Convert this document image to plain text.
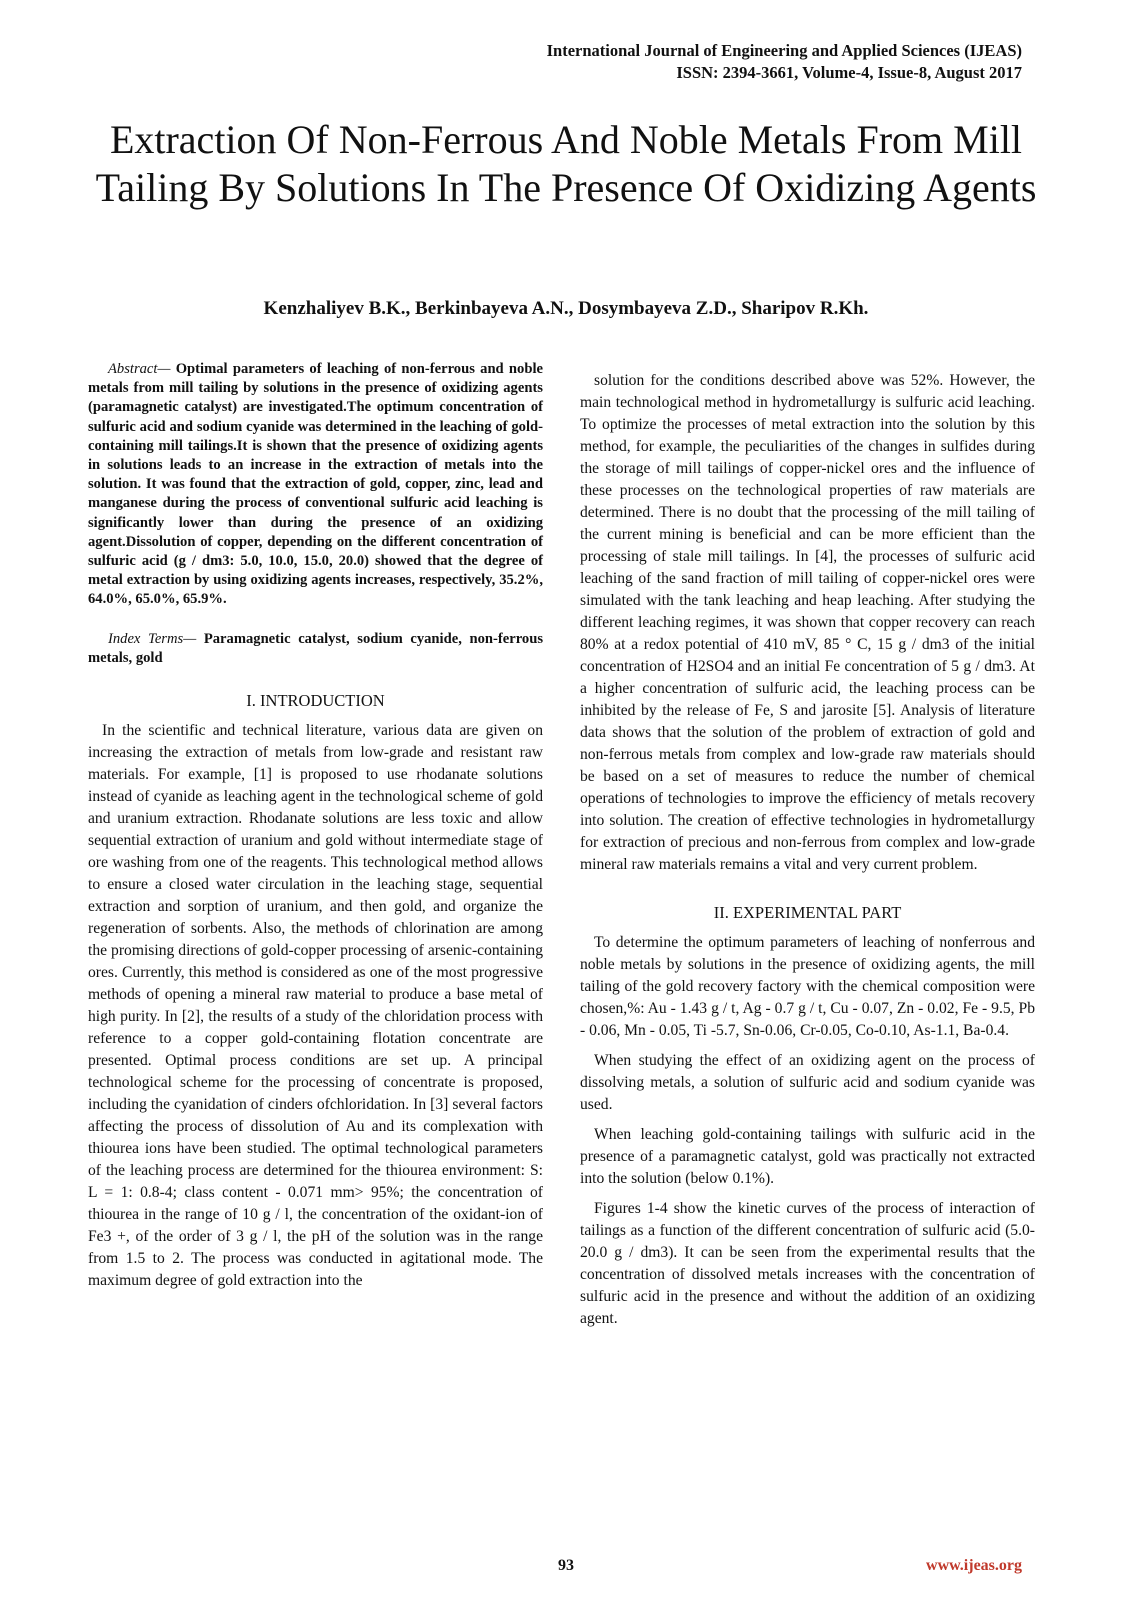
International Journal of Engineering and Applied Sciences (IJEAS)
ISSN: 2394-3661, Volume-4, Issue-8, August 2017
Extraction Of Non-Ferrous And Noble Metals From Mill Tailing By Solutions In The Presence Of Oxidizing Agents
Kenzhaliyev B.K., Berkinbayeva A.N., Dosymbayeva Z.D., Sharipov R.Kh.

Abstract— Optimal parameters of leaching of non-ferrous and noble metals from mill tailing by solutions in the presence of oxidizing agents (paramagnetic catalyst) are investigated.The optimum concentration of sulfuric acid and sodium cyanide was determined in the leaching of gold-containing mill tailings.It is shown that the presence of oxidizing agents in solutions leads to an increase in the extraction of metals into the solution. It was found that the extraction of gold, copper, zinc, lead and manganese during the process of conventional sulfuric acid leaching is significantly lower than during the presence of an oxidizing agent.Dissolution of copper, depending on the different concentration of sulfuric acid (g / dm3: 5.0, 10.0, 15.0, 20.0) showed that the degree of metal extraction by using oxidizing agents increases, respectively, 35.2%, 64.0%, 65.0%, 65.9%.

Index Terms— Paramagnetic catalyst, sodium cyanide, non-ferrous metals, gold

I. INTRODUCTION

In the scientific and technical literature, various data are given on increasing the extraction of metals from low-grade and resistant raw materials. For example, [1] is proposed to use rhodanate solutions instead of cyanide as leaching agent in the technological scheme of gold and uranium extraction. Rhodanate solutions are less toxic and allow sequential extraction of uranium and gold without intermediate stage of ore washing from one of the reagents. This technological method allows to ensure a closed water circulation in the leaching stage, sequential extraction and sorption of uranium, and then gold, and organize the regeneration of sorbents. Also, the methods of chlorination are among the promising directions of gold-copper processing of arsenic-containing ores. Currently, this method is considered as one of the most progressive methods of opening a mineral raw material to produce a base metal of high purity. In [2], the results of a study of the chloridation process with reference to a copper gold-containing flotation concentrate are presented. Optimal process conditions are set up. A principal technological scheme for the processing of concentrate is proposed, including the cyanidation of cinders ofchloridation. In [3] several factors affecting the process of dissolution of Au and its complexation with thiourea ions have been studied. The optimal technological parameters of the leaching process are determined for the thiourea environment: S: L = 1: 0.8-4; class content - 0.071 mm> 95%; the concentration of thiourea in the range of 10 g / l, the concentration of the oxidant-ion of Fe3 +, of the order of 3 g / l, the pH of the solution was in the range from 1.5 to 2. The process was conducted in agitational mode. The maximum degree of gold extraction into the

solution for the conditions described above was 52%. However, the main technological method in hydrometallurgy is sulfuric acid leaching. To optimize the processes of metal extraction into the solution by this method, for example, the peculiarities of the changes in sulfides during the storage of mill tailings of copper-nickel ores and the influence of these processes on the technological properties of raw materials are determined. There is no doubt that the processing of the mill tailing of the current mining is beneficial and can be more efficient than the processing of stale mill tailings. In [4], the processes of sulfuric acid leaching of the sand fraction of mill tailing of copper-nickel ores were simulated with the tank leaching and heap leaching. After studying the different leaching regimes, it was shown that copper recovery can reach 80% at a redox potential of 410 mV, 85 ° C, 15 g / dm3 of the initial concentration of H2SO4 and an initial Fe concentration of 5 g / dm3. At a higher concentration of sulfuric acid, the leaching process can be inhibited by the release of Fe, S and jarosite [5]. Analysis of literature data shows that the solution of the problem of extraction of gold and non-ferrous metals from complex and low-grade raw materials should be based on a set of measures to reduce the number of chemical operations of technologies to improve the efficiency of metals recovery into solution. The creation of effective technologies in hydrometallurgy for extraction of precious and non-ferrous from complex and low-grade mineral raw materials remains a vital and very current problem.

II. EXPERIMENTAL PART

To determine the optimum parameters of leaching of nonferrous and noble metals by solutions in the presence of oxidizing agents, the mill tailing of the gold recovery factory with the chemical composition were chosen,%: Au - 1.43 g / t, Ag - 0.7 g / t, Cu - 0.07, Zn - 0.02, Fe - 9.5, Pb - 0.06, Mn - 0.05, Ti -5.7, Sn-0.06, Cr-0.05, Co-0.10, As-1.1, Ba-0.4.

When studying the effect of an oxidizing agent on the process of dissolving metals, a solution of sulfuric acid and sodium cyanide was used.

When leaching gold-containing tailings with sulfuric acid in the presence of a paramagnetic catalyst, gold was practically not extracted into the solution (below 0.1%).

Figures 1-4 show the kinetic curves of the process of interaction of tailings as a function of the different concentration of sulfuric acid (5.0-20.0 g / dm3). It can be seen from the experimental results that the concentration of dissolved metals increases with the concentration of sulfuric acid in the presence and without the addition of an oxidizing agent.

93	www.ijeas.org
